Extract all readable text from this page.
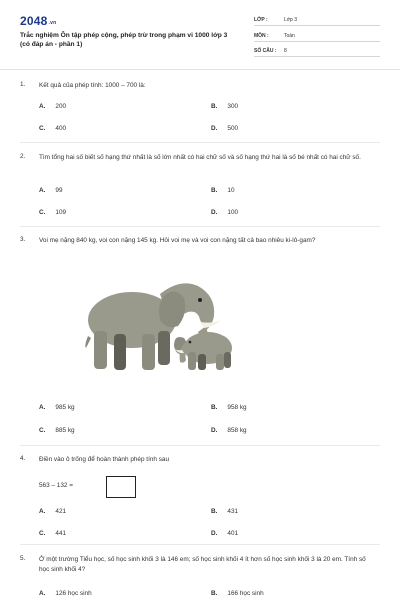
2048.vn
Trắc nghiệm Ôn tập phép cộng, phép trừ trong phạm vi 1000 lớp 3 (có đáp án - phần 1)
LỚP :	Lớp 3
MÔN :	Toán
SỐ CÂU : 8
1. Kết quả của phép tính: 1000 – 700 là:
A. 200	B. 300
C. 400	D. 500
2. Tìm tổng hai số biết số hạng thứ nhất là số lớn nhất có hai chữ số và số hạng thứ hai là số bé nhất có hai chữ số.
A. 99	B. 10
C. 109	D. 100
3. Voi mẹ nặng 840 kg, voi con nặng 145 kg. Hỏi voi mẹ và voi con nặng tất cả bao nhiêu ki-lô-gam?
A. 985 kg	B. 958 kg
C. 885 kg	D. 858 kg
4. Điền vào ô trống để hoàn thành phép tính sau
563 – 132 =
A. 421	B. 431
C. 441	D. 401
5. Ở một trường Tiểu học, số học sinh khối 3 là 146 em; số học sinh khối 4 ít hơn số học sinh khối 3 là 20 em. Tính số học sinh khối 4?
A. 126 học sinh	B. 166 học sinh
